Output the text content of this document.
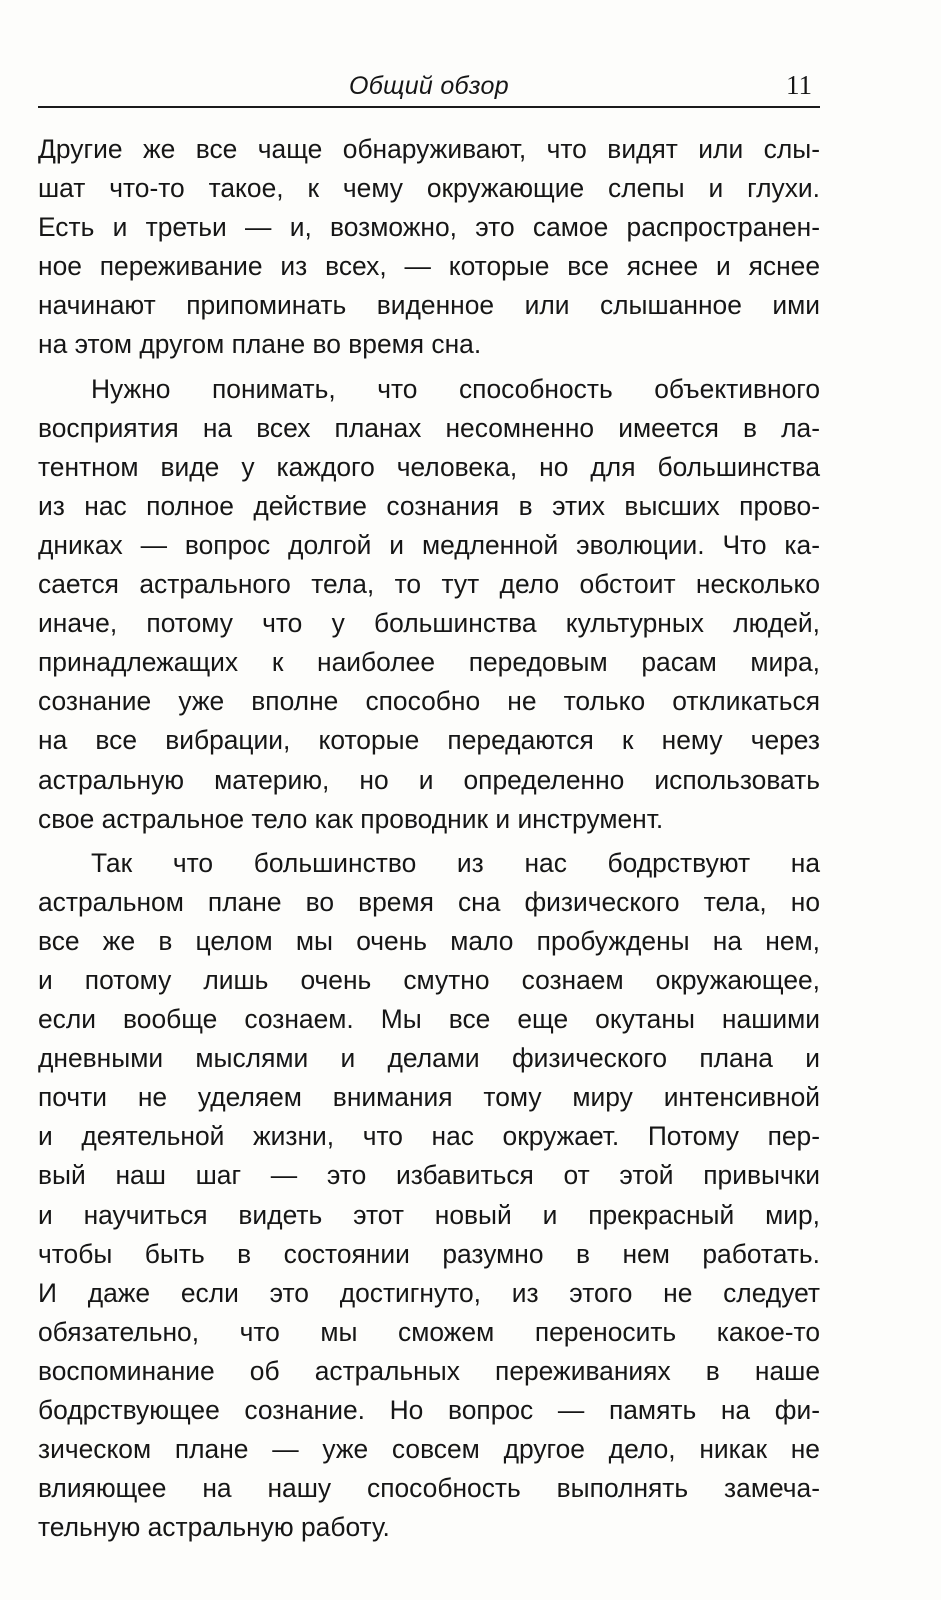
Общий обзор	11
Другие же все чаще обнаруживают, что видят или слы-
шат что-то такое, к чему окружающие слепы и глухи.
Есть и третьи — и, возможно, это самое распространен-
ное переживание из всех, — которые все яснее и яснее
начинают припоминать виденное или слышанное ими
на этом другом плане во время сна.
Нужно понимать, что способность объективного
восприятия на всех планах несомненно имеется в ла-
тентном виде у каждого человека, но для большинства
из нас полное действие сознания в этих высших прово-
дниках — вопрос долгой и медленной эволюции. Что ка-
сается астрального тела, то тут дело обстоит несколько
иначе, потому что у большинства культурных людей,
принадлежащих к наиболее передовым расам мира,
сознание уже вполне способно не только откликаться
на все вибрации, которые передаются к нему через
астральную материю, но и определенно использовать
свое астральное тело как проводник и инструмент.
Так что большинство из нас бодрствуют на
астральном плане во время сна физического тела, но
все же в целом мы очень мало пробуждены на нем,
и потому лишь очень смутно сознаем окружающее,
если вообще сознаем. Мы все еще окутаны нашими
дневными мыслями и делами физического плана и
почти не уделяем внимания тому миру интенсивной
и деятельной жизни, что нас окружает. Потому пер-
вый наш шаг — это избавиться от этой привычки
и научиться видеть этот новый и прекрасный мир,
чтобы быть в состоянии разумно в нем работать.
И даже если это достигнуто, из этого не следует
обязательно, что мы сможем переносить какое-то
воспоминание об астральных переживаниях в наше
бодрствующее сознание. Но вопрос — память на фи-
зическом плане — уже совсем другое дело, никак не
влияющее на нашу способность выполнять замеча-
тельную астральную работу.
